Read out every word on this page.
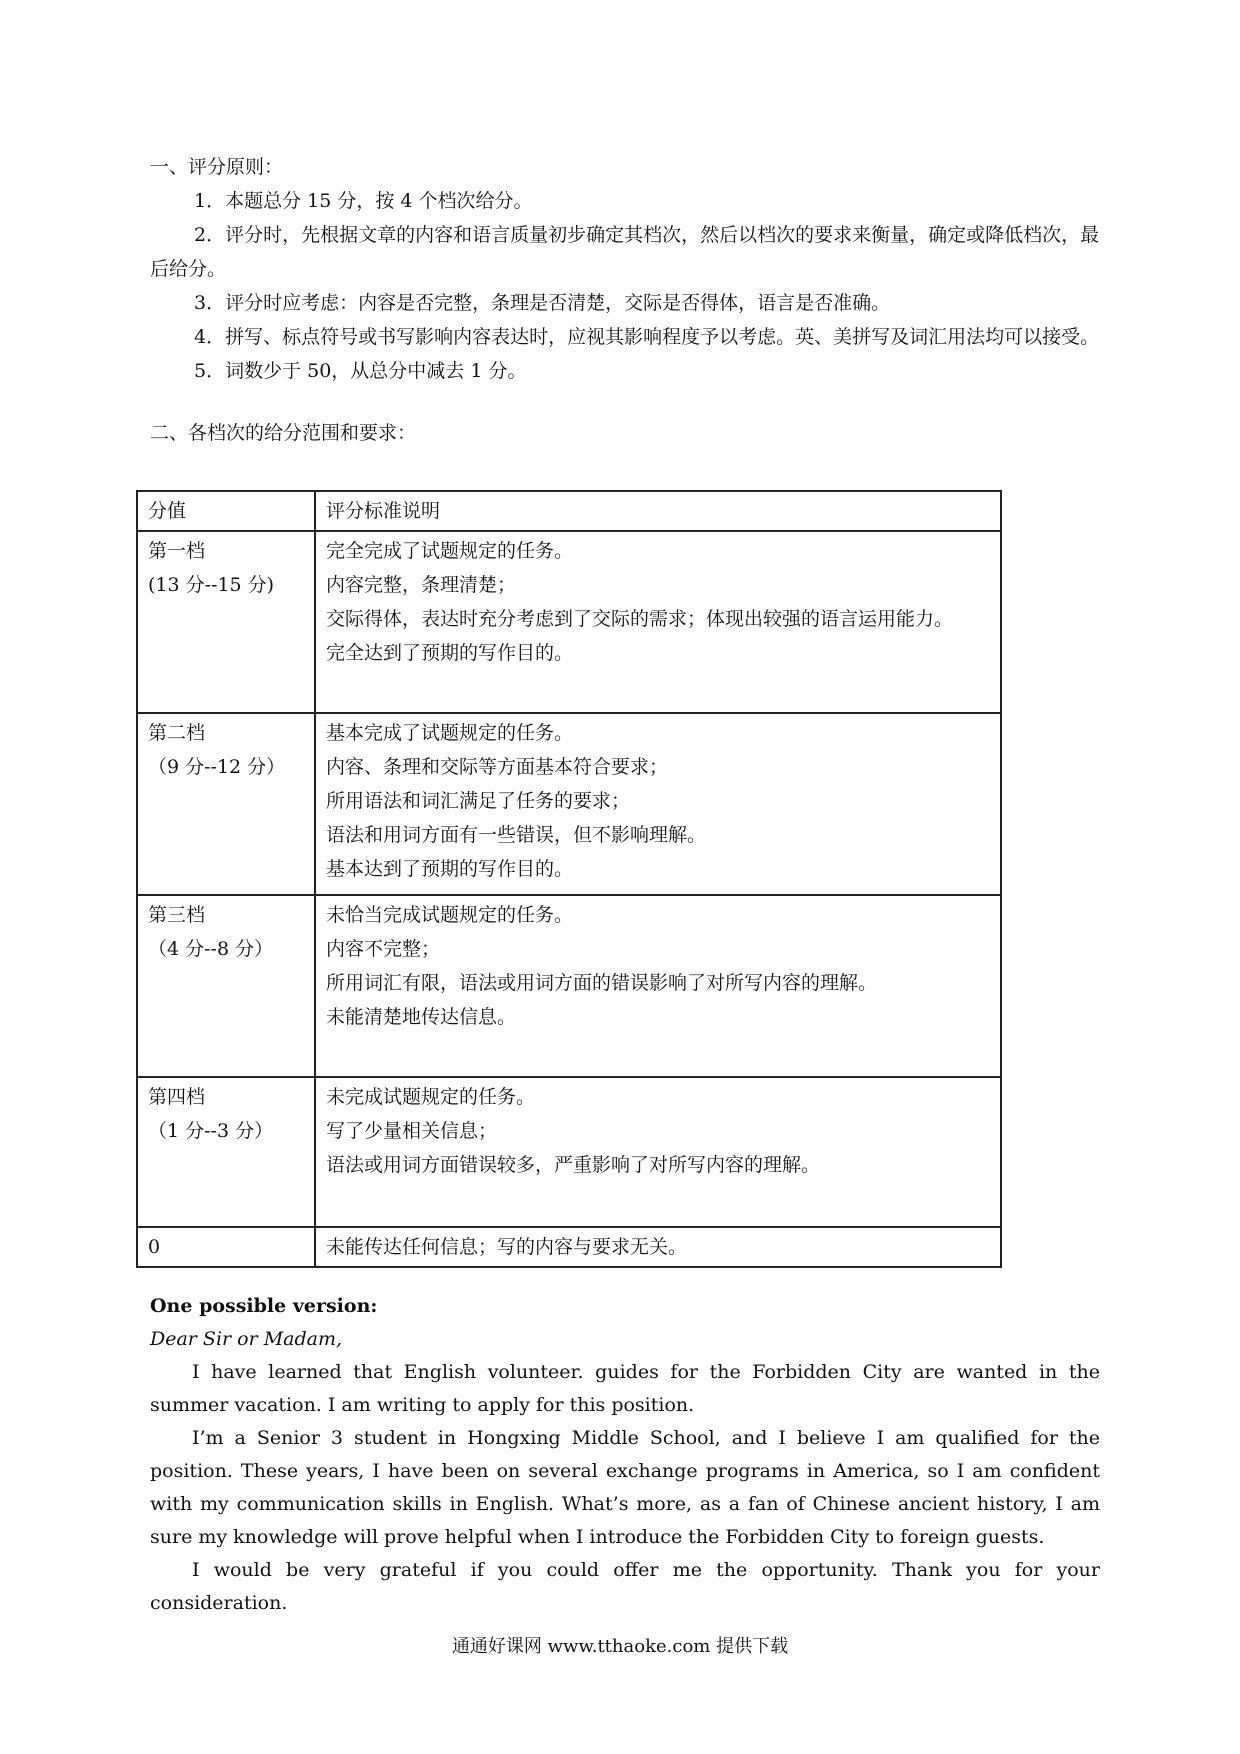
一、评分原则：

1．本题总分 15 分，按 4 个档次给分。

2．评分时，先根据文章的内容和语言质量初步确定其档次，然后以档次的要求来衡量，确定或降低档次，最后给分。

3．评分时应考虑：内容是否完整，条理是否清楚，交际是否得体，语言是否准确。

4．拼写、标点符号或书写影响内容表达时，应视其影响程度予以考虑。英、美拼写及词汇用法均可以接受。

5．词数少于 50，从总分中减去 1 分。

二、各档次的给分范围和要求：

分值	评分标准说明

第一档
(13 分--15 分)	完全完成了试题规定的任务。
内容完整，条理清楚；
交际得体，表达时充分考虑到了交际的需求；体现出较强的语言运用能力。
完全达到了预期的写作目的。

第二档
（9 分--12 分）	基本完成了试题规定的任务。
内容、条理和交际等方面基本符合要求；
所用语法和词汇满足了任务的要求；
语法和用词方面有一些错误，但不影响理解。
基本达到了预期的写作目的。

第三档
（4 分--8 分）	未恰当完成试题规定的任务。
内容不完整；
所用词汇有限，语法或用词方面的错误影响了对所写内容的理解。
未能清楚地传达信息。

第四档
（1 分--3 分）	未完成试题规定的任务。
写了少量相关信息；
语法或用词方面错误较多，严重影响了对所写内容的理解。

0	未能传达任何信息；写的内容与要求无关。

One possible version:

Dear Sir or Madam,

I have learned that English volunteer. guides for the Forbidden City are wanted in the summer vacation. I am writing to apply for this position.

I’m a Senior 3 student in Hongxing Middle School, and I believe I am qualified for the position. These years, I have been on several exchange programs in America, so I am confident with my communication skills in English. What’s more, as a fan of Chinese ancient history, I am sure my knowledge will prove helpful when I introduce the Forbidden City to foreign guests.

I would be very grateful if you could offer me the opportunity. Thank you for your consideration.

通通好课网 www.tthaoke.com 提供下载
